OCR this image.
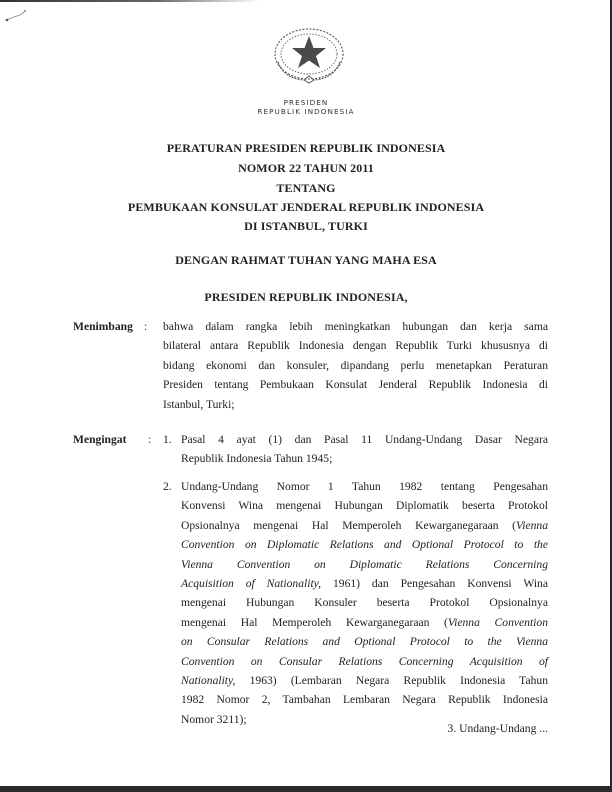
PRESIDEN
REPUBLIK INDONESIA
PERATURAN PRESIDEN REPUBLIK INDONESIA
NOMOR 22 TAHUN 2011
TENTANG
PEMBUKAAN KONSULAT JENDERAL REPUBLIK INDONESIA
DI ISTANBUL, TURKI
DENGAN RAHMAT TUHAN YANG MAHA ESA
PRESIDEN REPUBLIK INDONESIA,
Menimbang : bahwa dalam rangka lebih meningkatkan hubungan dan kerja sama
bilateral antara Republik Indonesia dengan Republik Turki khususnya di
bidang ekonomi dan konsuler, dipandang perlu menetapkan Peraturan
Presiden tentang Pembukaan Konsulat Jenderal Republik Indonesia di
Istanbul, Turki;
Mengingat : 1. Pasal 4 ayat (1) dan Pasal 11 Undang-Undang Dasar Negara
Republik Indonesia Tahun 1945;
2. Undang-Undang Nomor 1 Tahun 1982 tentang Pengesahan
Konvensi Wina mengenai Hubungan Diplomatik beserta Protokol
Opsionalnya mengenai Hal Memperoleh Kewarganegaraan (Vienna
Convention on Diplomatic Relations and Optional Protocol to the
Vienna Convention on Diplomatic Relations Concerning
Acquisition of Nationality, 1961) dan Pengesahan Konvensi Wina
mengenai Hubungan Konsuler beserta Protokol Opsionalnya
mengenai Hal Memperoleh Kewarganegaraan (Vienna Convention
on Consular Relations and Optional Protocol to the Vienna
Convention on Consular Relations Concerning Acquisition of
Nationality, 1963) (Lembaran Negara Republik Indonesia Tahun
1982 Nomor 2, Tambahan Lembaran Negara Republik Indonesia
Nomor 3211);
3. Undang-Undang ...
